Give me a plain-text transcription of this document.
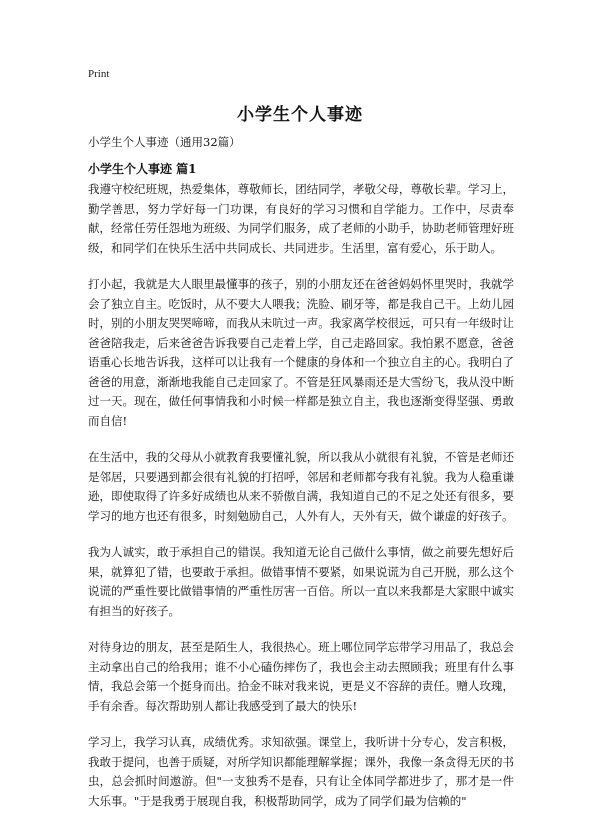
Print
小学生个人事迹
小学生个人事迹（通用32篇）
小学生个人事迹 篇1

我遵守校纪班规，热爱集体，尊敬师长，团结同学，孝敬父母，尊敬长辈。学习上，勤学善思，努力学好每一门功课，有良好的学习习惯和自学能力。工作中，尽责奉献，经常任劳任怨地为班级、为同学们服务，成了老师的小助手，协助老师管理好班级，和同学们在快乐生活中共同成长、共同进步。生活里，富有爱心，乐于助人。

打小起，我就是大人眼里最懂事的孩子，别的小朋友还在爸爸妈妈怀里哭时，我就学会了独立自主。吃饭时，从不要大人喂我；洗脸、刷牙等，都是我自己干。上幼儿园时，别的小朋友哭哭啼啼，而我从未吭过一声。我家离学校很远，可只有一年级时让爸爸陪我走，后来爸爸告诉我要自己走着上学，自己走路回家。我怕累不愿意，爸爸语重心长地告诉我，这样可以让我有一个健康的身体和一个独立自主的心。我明白了爸爸的用意，渐渐地我能自己走回家了。不管是狂风暴雨还是大雪纷飞，我从没中断过一天。现在，做任何事情我和小时候一样都是独立自主，我也逐渐变得坚强、勇敢而自信!

在生活中，我的父母从小就教育我要懂礼貌，所以我从小就很有礼貌，不管是老师还是邻居，只要遇到都会很有礼貌的打招呼，邻居和老师都夸我有礼貌。我为人稳重谦逊，即使取得了许多好成绩也从来不骄傲自满，我知道自己的不足之处还有很多，要学习的地方也还有很多，时刻勉励自己，人外有人，天外有天，做个谦虚的好孩子。

我为人诚实，敢于承担自己的错误。我知道无论自己做什么事情，做之前要先想好后果，就算犯了错，也要敢于承担。做错事情不要紧，如果说谎为自己开脱，那么这个说谎的严重性要比做错事情的严重性厉害一百倍。所以一直以来我都是大家眼中诚实有担当的好孩子。

对待身边的朋友，甚至是陌生人，我很热心。班上哪位同学忘带学习用品了，我总会主动拿出自己的给我用；谁不小心磕伤摔伤了，我也会主动去照顾我；班里有什么事情，我总会第一个挺身而出。拾金不昧对我来说，更是义不容辞的责任。赠人玫瑰，手有余香。每次帮助别人都让我感受到了最大的快乐!

学习上，我学习认真，成绩优秀。求知欲强。课堂上，我听讲十分专心，发言积极，我敢于提问，也善于质疑，对所学知识都能理解掌握；课外，我像一条贪得无厌的书虫，总会抓时间遨游。但"一支独秀不是春，只有让全体同学都进步了，那才是一件大乐事。"于是我勇于展现自我，积极帮助同学，成为了同学们最为信赖的"
